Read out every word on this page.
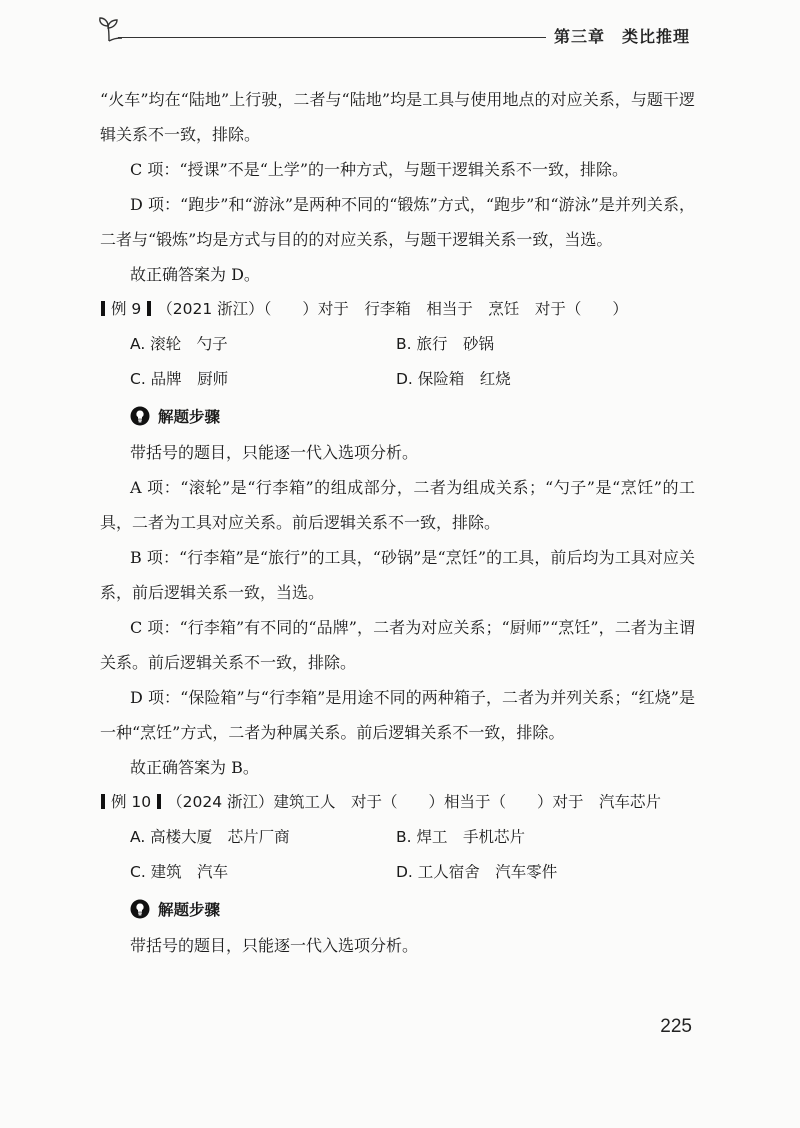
第三章　类比推理

“火车”均在“陆地”上行驶，二者与“陆地”均是工具与使用地点的对应关系，与题干逻辑关系不一致，排除。

C 项：“授课”不是“上学”的一种方式，与题干逻辑关系不一致，排除。

D 项：“跑步”和“游泳”是两种不同的“锻炼”方式，“跑步”和“游泳”是并列关系，二者与“锻炼”均是方式与目的的对应关系，与题干逻辑关系一致，当选。

故正确答案为 D。

例 9 （2021 浙江）（　　）对于　行李箱　相当于　烹饪　对于（　　）
A. 滚轮　勺子	B. 旅行　砂锅
C. 品牌　厨师	D. 保险箱　红烧
解题步骤

带括号的题目，只能逐一代入选项分析。

A 项：“滚轮”是“行李箱”的组成部分，二者为组成关系；“勺子”是“烹饪”的工具，二者为工具对应关系。前后逻辑关系不一致，排除。

B 项：“行李箱”是“旅行”的工具，“砂锅”是“烹饪”的工具，前后均为工具对应关系，前后逻辑关系一致，当选。

C 项：“行李箱”有不同的“品牌”，二者为对应关系；“厨师”“烹饪”，二者为主谓关系。前后逻辑关系不一致，排除。

D 项：“保险箱”与“行李箱”是用途不同的两种箱子，二者为并列关系；“红烧”是一种“烹饪”方式，二者为种属关系。前后逻辑关系不一致，排除。

故正确答案为 B。

例 10 （2024 浙江）建筑工人　对于（　　）相当于（　　）对于　汽车芯片
A. 高楼大厦　芯片厂商	B. 焊工　手机芯片
C. 建筑　汽车	D. 工人宿舍　汽车零件
解题步骤

带括号的题目，只能逐一代入选项分析。

225
